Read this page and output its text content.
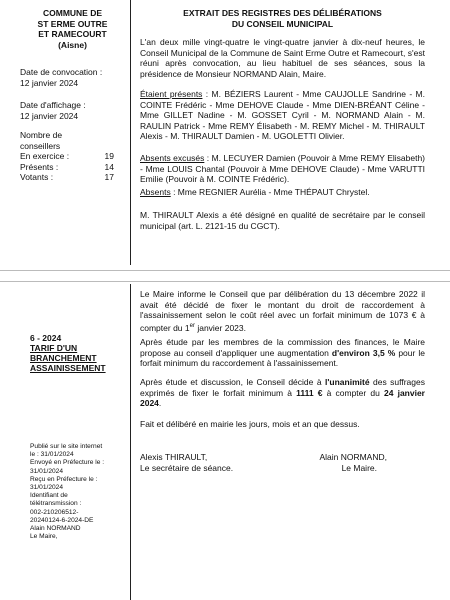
COMMUNE DE
ST ERME OUTRE
ET RAMECOURT
(Aisne)
Date de convocation :
12 janvier 2024
Date d'affichage :
12 janvier 2024
Nombre de
conseillers
En exercice :	19
Présents :	14
Votants :	17
EXTRAIT DES REGISTRES DES DÉLIBÉRATIONS
DU CONSEIL MUNICIPAL
L'an deux mille vingt-quatre le vingt-quatre janvier à dix-neuf heures, le Conseil Municipal de la Commune de Saint Erme Outre et Ramecourt, s'est réuni après convocation, au lieu habituel de ses séances, sous la présidence de Monsieur NORMAND Alain, Maire.
Étaient présents : M. BÉZIERS Laurent - Mme CAUJOLLE Sandrine - M. COINTE Frédéric - Mme DEHOVE Claude - Mme DIEN-BRÉANT Céline - Mme GILLET Nadine - M. GOSSET Cyril - M. NORMAND Alain - M. RAULIN Patrick - Mme REMY Élisabeth - M. REMY Michel - M. THIRAULT Alexis - M. THIRAULT Damien - M. UGOLETTI Olivier.
Absents excusés : M. LECUYER Damien (Pouvoir à Mme REMY Elisabeth) - Mme LOUIS Chantal (Pouvoir à Mme DEHOVE Claude) - Mme VARUTTI Emilie (Pouvoir à M. COINTE Frédéric).
Absents : Mme REGNIER Aurélia - Mme THÉPAUT Chrystel.
M. THIRAULT Alexis a été désigné en qualité de secrétaire par le conseil municipal (art. L. 2121-15 du CGCT).
6 - 2024
TARIF D'UN
BRANCHEMENT
ASSAINISSEMENT
Le Maire informe le Conseil que par délibération du 13 décembre 2022 il avait été décidé de fixer le montant du droit de raccordement à l'assainissement selon le coût réel avec un forfait minimum de 1073 € à compter du 1er janvier 2023.
Après étude par les membres de la commission des finances, le Maire propose au conseil d'appliquer une augmentation d'environ 3,5 % pour le forfait minimum du raccordement à l'assainissement.
Après étude et discussion, le Conseil décide à l'unanimité des suffrages exprimés de fixer le forfait minimum à 1111 € à compter du 24 janvier 2024.
Fait et délibéré en mairie les jours, mois et an que dessus.
Alexis THIRAULT,	Alain NORMAND,
Le secrétaire de séance.	Le Maire.
Publié sur le site internet
le : 31/01/2024
Envoyé en Préfecture le :
31/01/2024
Reçu en Préfecture le :
31/01/2024
Identifiant de
télétransmission :
002-210206512-
20240124-6-2024-DE
Alain NORMAND
Le Maire,
